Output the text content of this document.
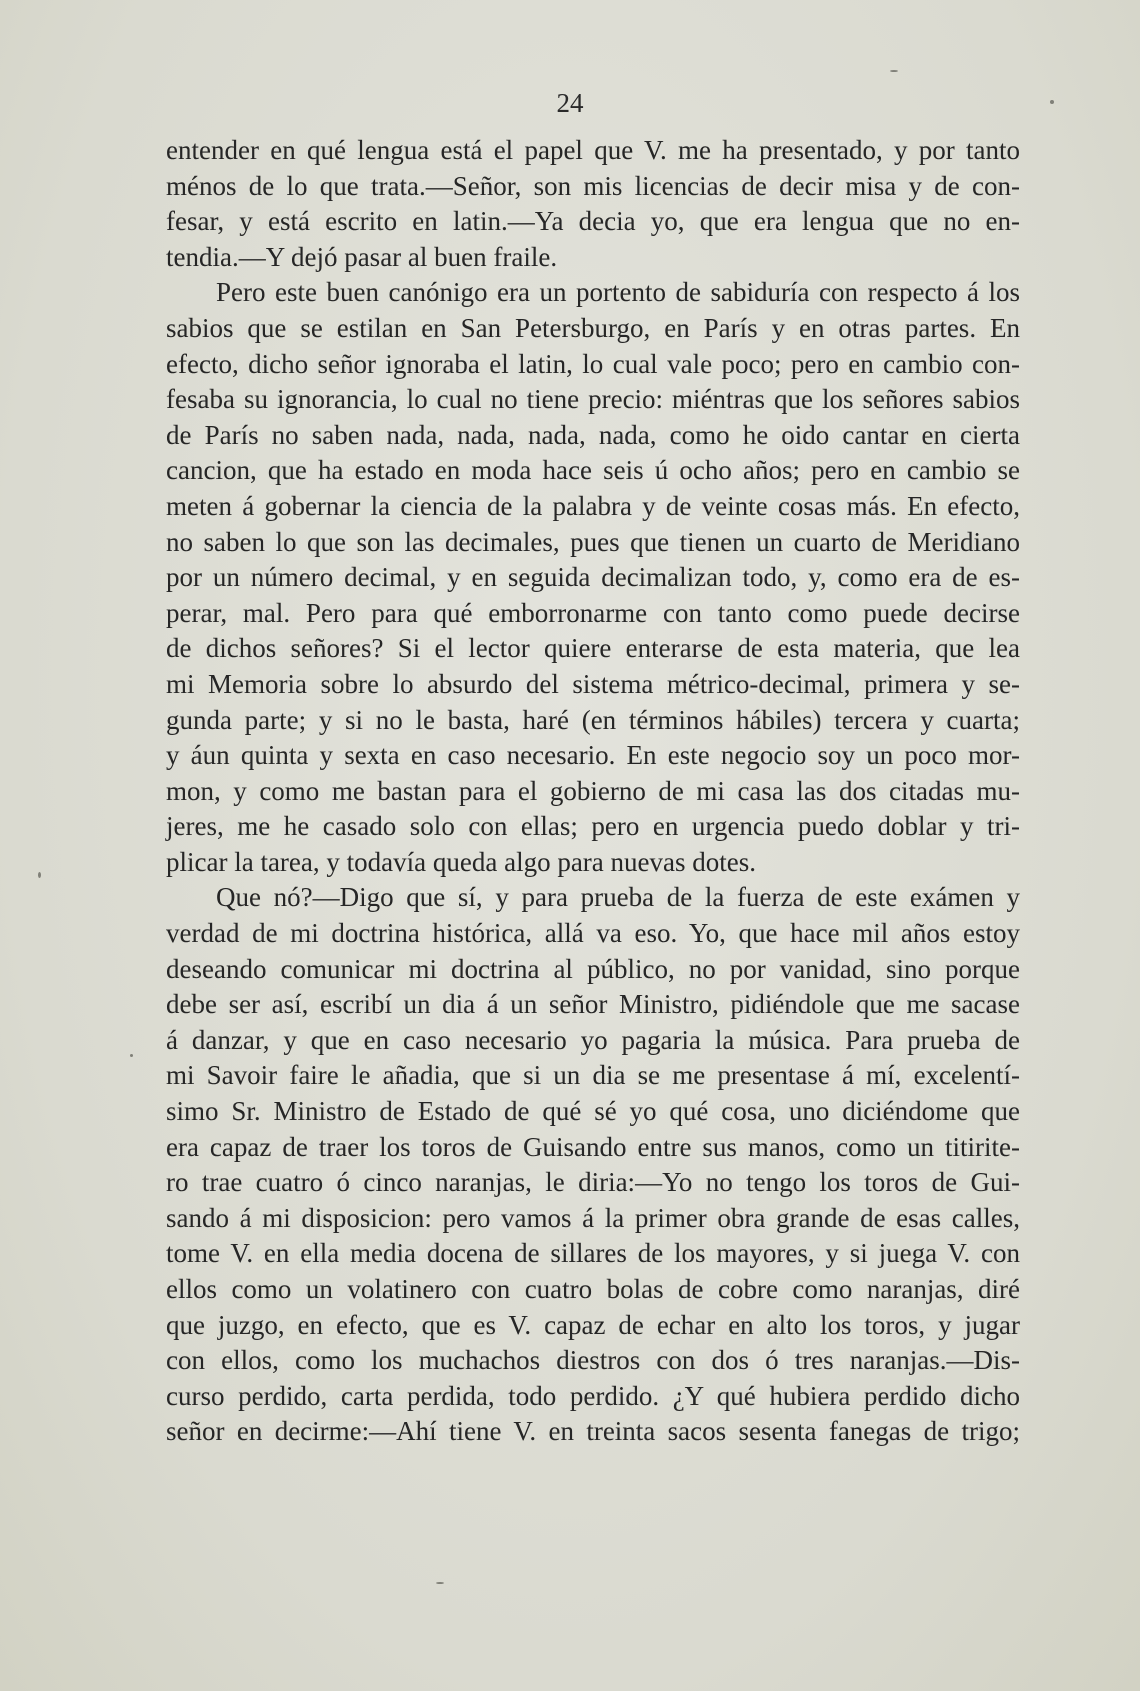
24
entender en qué lengua está el papel que V. me ha presentado, y por tanto
ménos de lo que trata.—Señor, son mis licencias de decir misa y de con-
fesar, y está escrito en latin.—Ya decia yo, que era lengua que no en-
tendia.—Y dejó pasar al buen fraile.
Pero este buen canónigo era un portento de sabiduría con respecto á los
sabios que se estilan en San Petersburgo, en París y en otras partes. En
efecto, dicho señor ignoraba el latin, lo cual vale poco; pero en cambio con-
fesaba su ignorancia, lo cual no tiene precio: miéntras que los señores sabios
de París no saben nada, nada, nada, nada, como he oido cantar en cierta
cancion, que ha estado en moda hace seis ú ocho años; pero en cambio se
meten á gobernar la ciencia de la palabra y de veinte cosas más. En efecto,
no saben lo que son las decimales, pues que tienen un cuarto de Meridiano
por un número decimal, y en seguida decimalizan todo, y, como era de es-
perar, mal. Pero para qué emborronarme con tanto como puede decirse
de dichos señores? Si el lector quiere enterarse de esta materia, que lea
mi Memoria sobre lo absurdo del sistema métrico-decimal, primera y se-
gunda parte; y si no le basta, haré (en términos hábiles) tercera y cuarta;
y áun quinta y sexta en caso necesario. En este negocio soy un poco mor-
mon, y como me bastan para el gobierno de mi casa las dos citadas mu-
jeres, me he casado solo con ellas; pero en urgencia puedo doblar y tri-
plicar la tarea, y todavía queda algo para nuevas dotes.
Que nó?—Digo que sí, y para prueba de la fuerza de este exámen y
verdad de mi doctrina histórica, allá va eso. Yo, que hace mil años estoy
deseando comunicar mi doctrina al público, no por vanidad, sino porque
debe ser así, escribí un dia á un señor Ministro, pidiéndole que me sacase
á danzar, y que en caso necesario yo pagaria la música. Para prueba de
mi Savoir faire le añadia, que si un dia se me presentase á mí, excelentí-
simo Sr. Ministro de Estado de qué sé yo qué cosa, uno diciéndome que
era capaz de traer los toros de Guisando entre sus manos, como un titirite-
ro trae cuatro ó cinco naranjas, le diria:—Yo no tengo los toros de Gui-
sando á mi disposicion: pero vamos á la primer obra grande de esas calles,
tome V. en ella media docena de sillares de los mayores, y si juega V. con
ellos como un volatinero con cuatro bolas de cobre como naranjas, diré
que juzgo, en efecto, que es V. capaz de echar en alto los toros, y jugar
con ellos, como los muchachos diestros con dos ó tres naranjas.—Dis-
curso perdido, carta perdida, todo perdido. ¿Y qué hubiera perdido dicho
señor en decirme:—Ahí tiene V. en treinta sacos sesenta fanegas de trigo;
